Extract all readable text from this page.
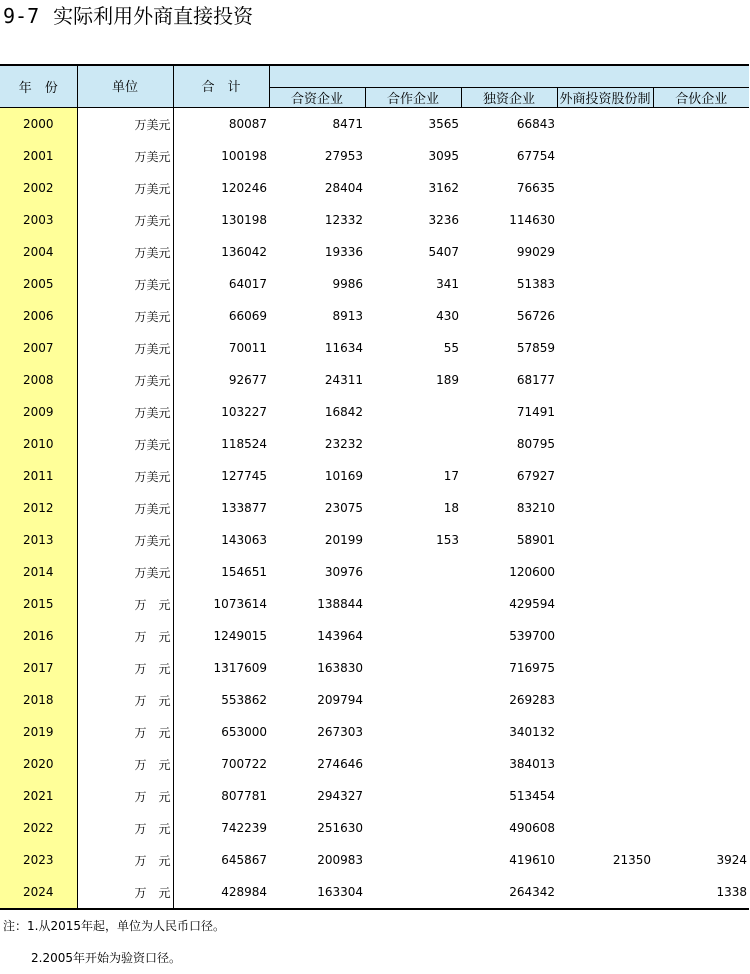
9-7 实际利用外商直接投资
年　份	单位	合　计					
			合资企业	合作企业	独资企业	外商投资股份制	合伙企业
2000	万美元	80087	8471	3565	66843		
2001	万美元	100198	27953	3095	67754		
2002	万美元	120246	28404	3162	76635		
2003	万美元	130198	12332	3236	114630		
2004	万美元	136042	19336	5407	99029		
2005	万美元	64017	9986	341	51383		
2006	万美元	66069	8913	430	56726		
2007	万美元	70011	11634	55	57859		
2008	万美元	92677	24311	189	68177		
2009	万美元	103227	16842		71491		
2010	万美元	118524	23232		80795		
2011	万美元	127745	10169	17	67927		
2012	万美元	133877	23075	18	83210		
2013	万美元	143063	20199	153	58901		
2014	万美元	154651	30976		120600		
2015	万　元	1073614	138844		429594		
2016	万　元	1249015	143964		539700		
2017	万　元	1317609	163830		716975		
2018	万　元	553862	209794		269283		
2019	万　元	653000	267303		340132		
2020	万　元	700722	274646		384013		
2021	万　元	807781	294327		513454		
2022	万　元	742239	251630		490608		
2023	万　元	645867	200983		419610	21350	3924
2024	万　元	428984	163304		264342		1338
注：1.从2015年起，单位为人民币口径。
2.2005年开始为验资口径。
